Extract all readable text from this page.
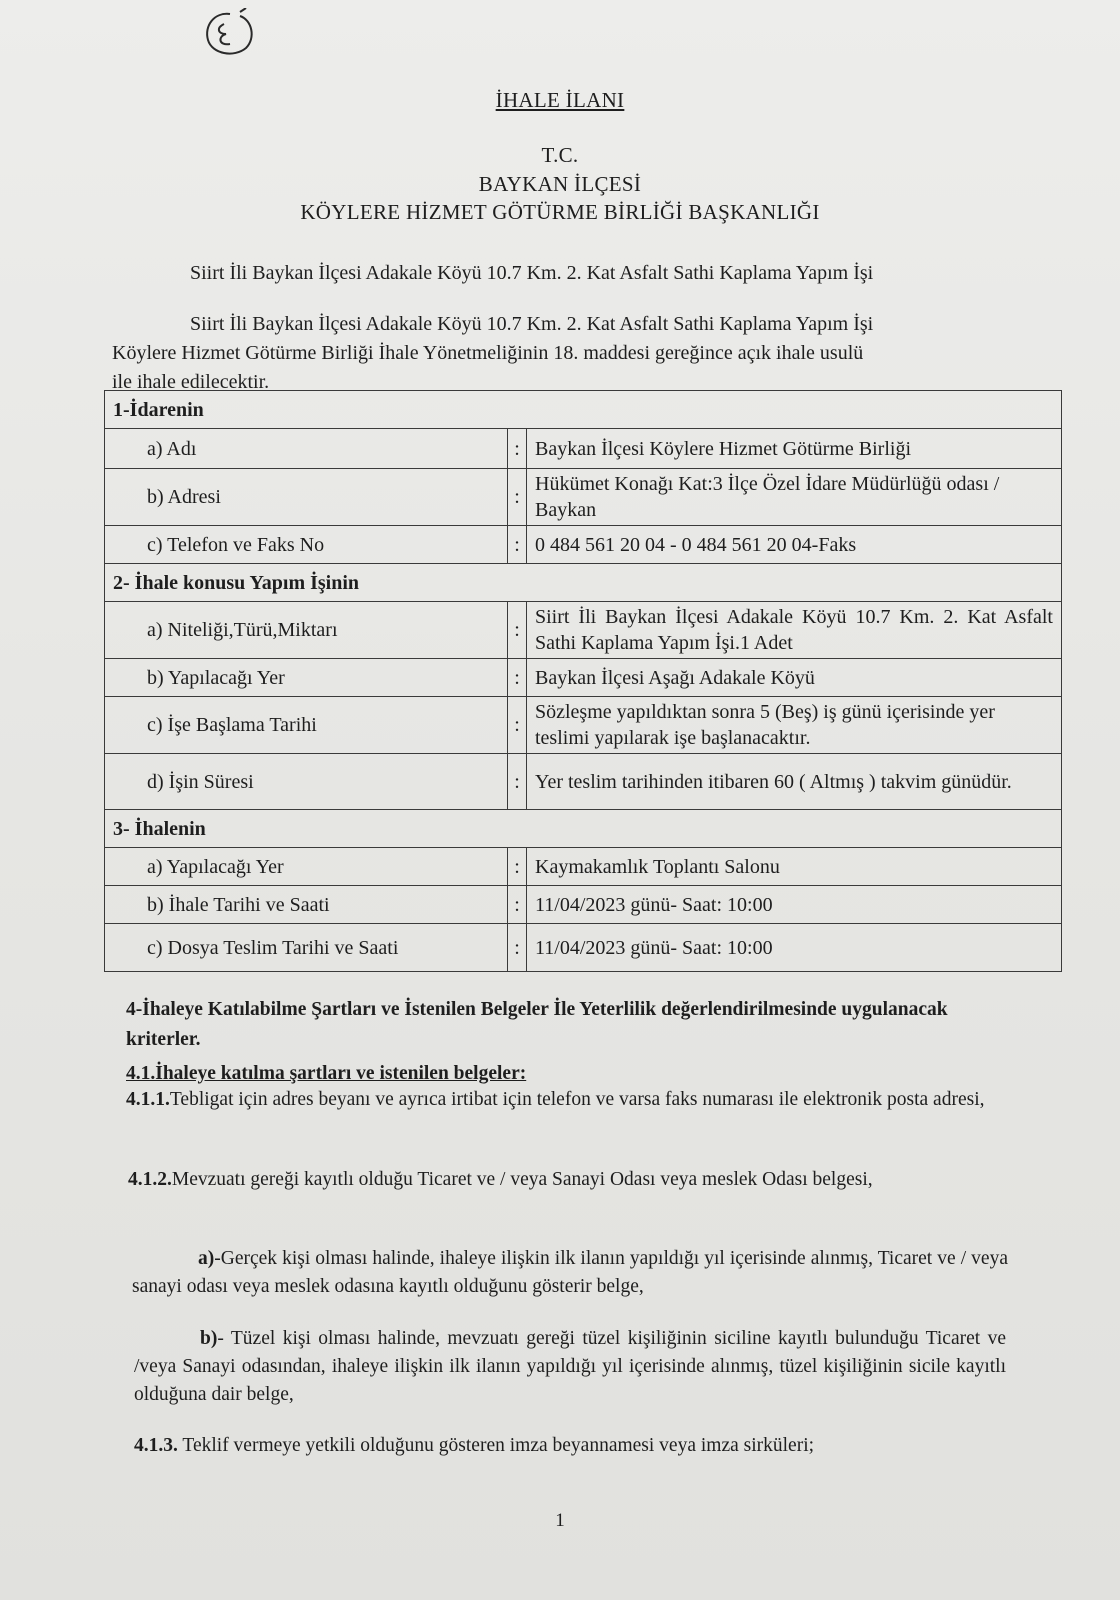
İHALE İLANI
T.C.
BAYKAN İLÇESİ
KÖYLERE HİZMET GÖTÜRME BİRLİĞİ BAŞKANLIĞI
Siirt İli Baykan İlçesi Adakale Köyü 10.7 Km. 2. Kat Asfalt Sathi Kaplama Yapım İşi
Siirt İli Baykan İlçesi Adakale Köyü 10.7 Km. 2. Kat Asfalt Sathi Kaplama Yapım İşi
Köylere Hizmet Götürme Birliği İhale Yönetmeliğinin 18. maddesi gereğince açık ihale usulü
ile ihale edilecektir.
1-İdarenin		
a) Adı	:	Baykan İlçesi Köylere Hizmet Götürme Birliği
b) Adresi	:	Hükümet Konağı Kat:3 İlçe Özel İdare Müdürlüğü odası / Baykan
c) Telefon ve Faks No	:	0 484 561 20 04 - 0 484 561 20 04-Faks
2- İhale konusu Yapım İşinin		
a) Niteliği,Türü,Miktarı	:	Siirt İli Baykan İlçesi Adakale Köyü 10.7 Km. 2. Kat Asfalt Sathi Kaplama Yapım İşi.1 Adet
b) Yapılacağı Yer	:	Baykan İlçesi Aşağı Adakale Köyü
c) İşe Başlama Tarihi	:	Sözleşme yapıldıktan sonra 5 (Beş) iş günü içerisinde yer teslimi yapılarak işe başlanacaktır.
d) İşin Süresi	:	Yer teslim tarihinden itibaren 60 ( Altmış ) takvim günüdür.
3- İhalenin		
a) Yapılacağı Yer	:	Kaymakamlık Toplantı Salonu
b) İhale Tarihi ve Saati	:	11/04/2023 günü- Saat: 10:00
c) Dosya Teslim Tarihi ve Saati	:	11/04/2023 günü- Saat: 10:00
4-İhaleye Katılabilme Şartları ve İstenilen Belgeler İle Yeterlilik değerlendirilmesinde uygulanacak kriterler.
4.1.İhaleye katılma şartları ve istenilen belgeler:
4.1.1.Tebligat için adres beyanı ve ayrıca irtibat için telefon ve varsa faks numarası ile elektronik posta adresi,
4.1.2.Mevzuatı gereği kayıtlı olduğu Ticaret ve / veya Sanayi Odası veya meslek Odası belgesi,
a)-Gerçek kişi olması halinde, ihaleye ilişkin ilk ilanın yapıldığı yıl içerisinde alınmış, Ticaret ve / veya sanayi odası veya meslek odasına kayıtlı olduğunu gösterir belge,
b)- Tüzel kişi olması halinde, mevzuatı gereği tüzel kişiliğinin siciline kayıtlı bulunduğu Ticaret ve /veya Sanayi odasından, ihaleye ilişkin ilk ilanın yapıldığı yıl içerisinde alınmış, tüzel kişiliğinin sicile kayıtlı olduğuna dair belge,
4.1.3. Teklif vermeye yetkili olduğunu gösteren imza beyannamesi veya imza sirküleri;
1
